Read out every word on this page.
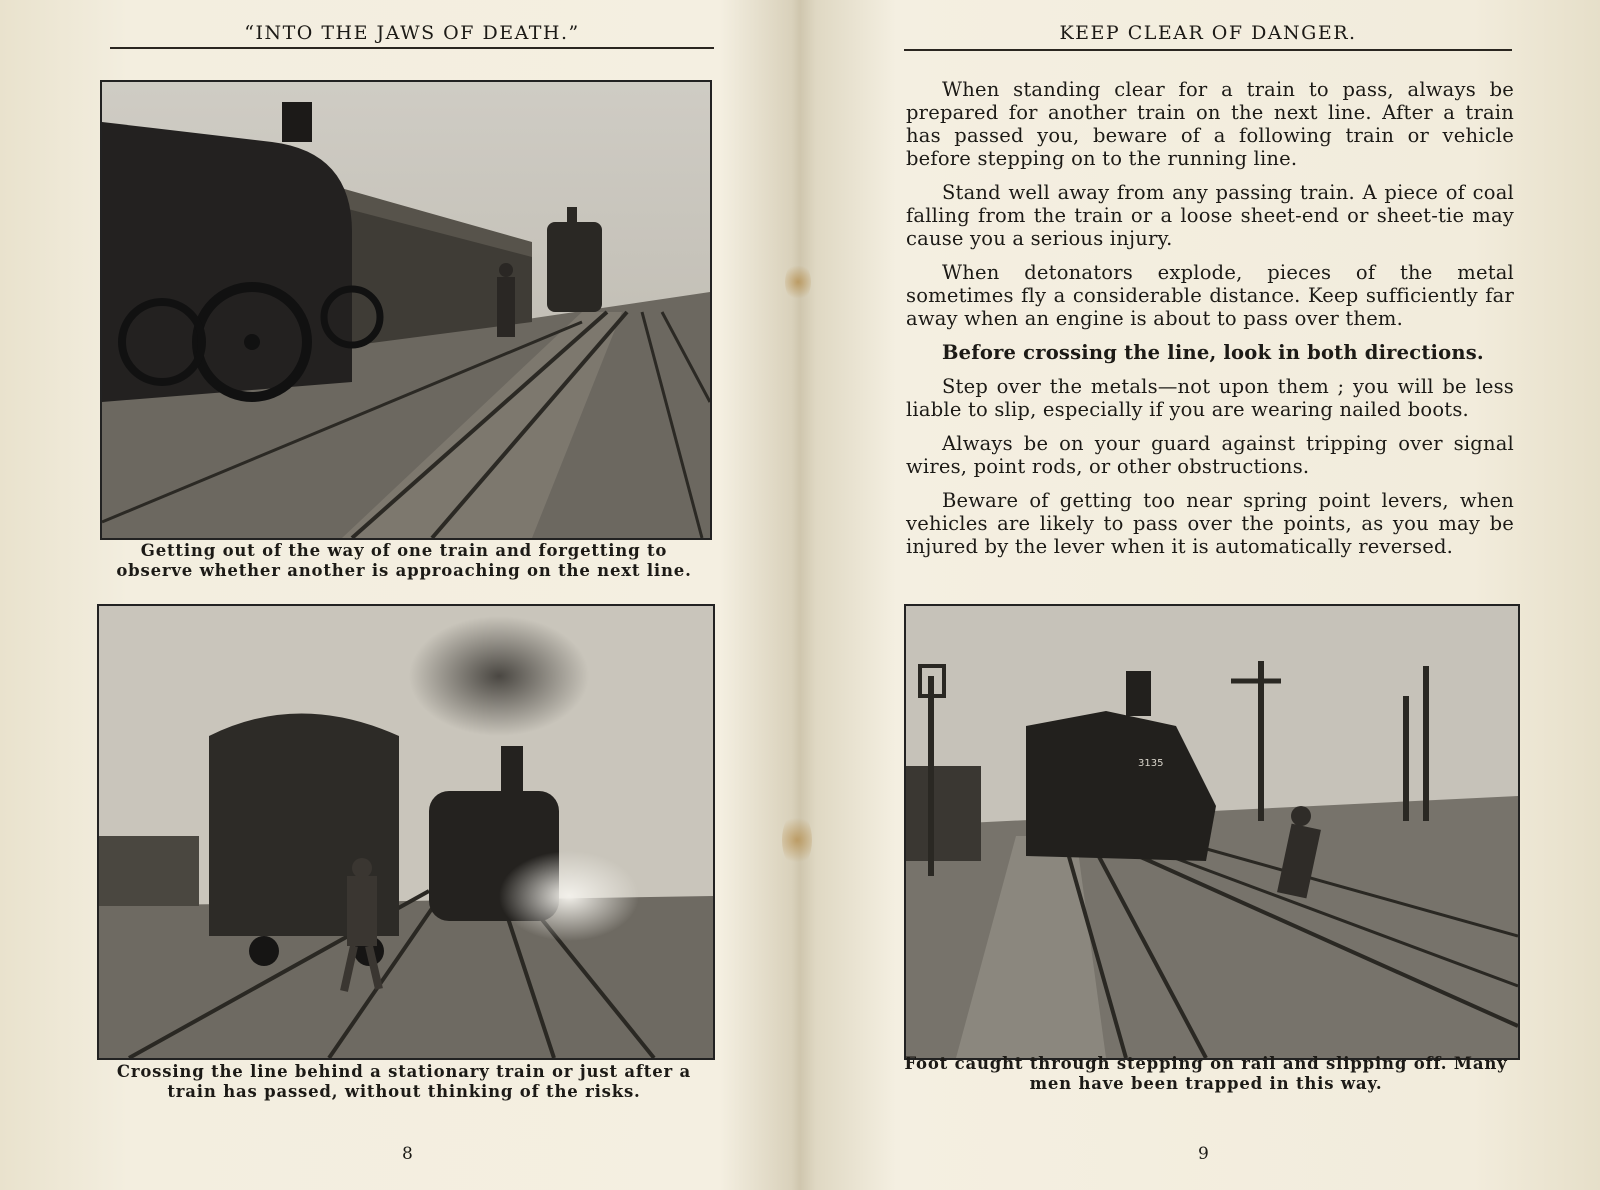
“INTO THE JAWS OF DEATH.”
Getting out of the way of one train and forgetting to observe whether another is approaching on the next line.
Crossing the line behind a stationary train or just after a train has passed, without thinking of the risks.
8
KEEP CLEAR OF DANGER.

When standing clear for a train to pass, always be prepared for another train on the next line. After a train has passed you, beware of a following train or vehicle before stepping on to the running line.

Stand well away from any passing train. A piece of coal falling from the train or a loose sheet-end or sheet-tie may cause you a serious injury.

When detonators explode, pieces of the metal sometimes fly a considerable distance. Keep sufficiently far away when an engine is about to pass over them.

Before crossing the line, look in both directions.

Step over the metals—not upon them ; you will be less liable to slip, especially if you are wearing nailed boots.

Always be on your guard against tripping over signal wires, point rods, or other obstructions.

Beware of getting too near spring point levers, when vehicles are likely to pass over the points, as you may be injured by the lever when it is automatically reversed.

3135
Foot caught through stepping on rail and slipping off. Many men have been trapped in this way.
9
